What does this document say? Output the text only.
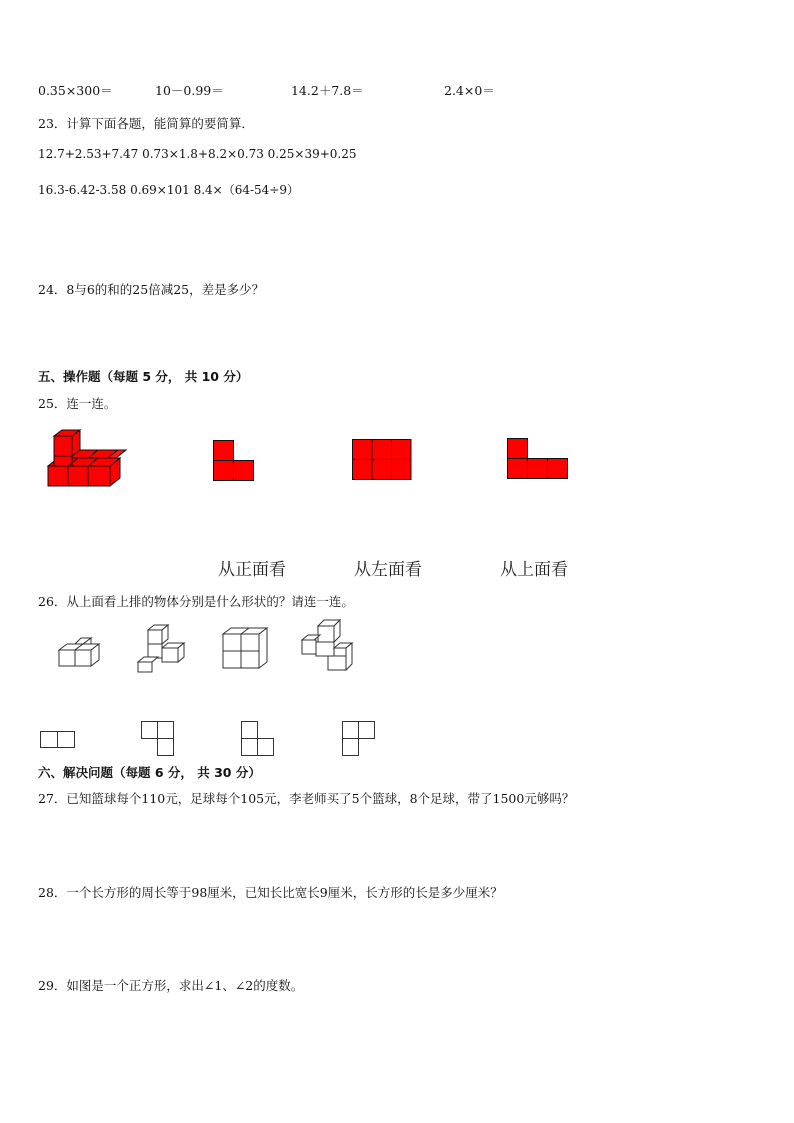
0.35×300＝	10－0.99＝	14.2＋7.8＝	2.4×0＝
23．计算下面各题，能简算的要简算．
12.7+2.53+7.47 0.73×1.8+8.2×0.73 0.25×39+0.25
16.3-6.42-3.58 0.69×101 8.4×（64-54÷9）
24．8与6的和的25倍减25，差是多少？
五、操作题（每题 5 分， 共 10 分）
25．连一连。
从正面看	从左面看	从上面看
26．从上面看上排的物体分别是什么形状的？请连一连。
六、解决问题（每题 6 分， 共 30 分）
27．已知篮球每个110元，足球每个105元，李老师买了5个篮球，8个足球，带了1500元够吗？
28．一个长方形的周长等于98厘米，已知长比宽长9厘米，长方形的长是多少厘米？
29．如图是一个正方形，求出∠1、∠2的度数。
